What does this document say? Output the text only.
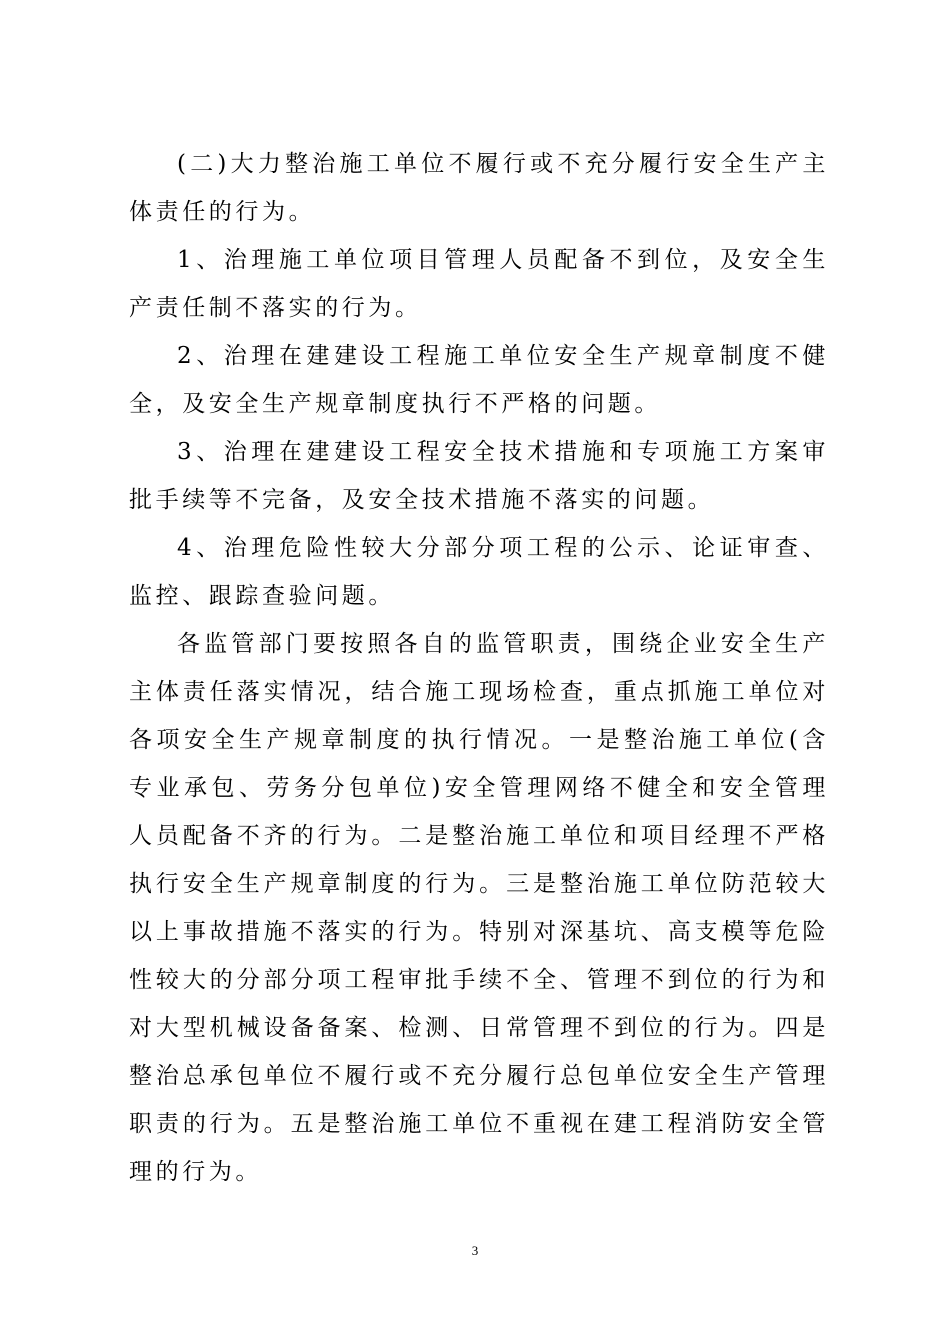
(二)大力整治施工单位不履行或不充分履行安全生产主体责任的行为。

1、治理施工单位项目管理人员配备不到位，及安全生产责任制不落实的行为。

2、治理在建建设工程施工单位安全生产规章制度不健全，及安全生产规章制度执行不严格的问题。

3、治理在建建设工程安全技术措施和专项施工方案审批手续等不完备，及安全技术措施不落实的问题。

4、治理危险性较大分部分项工程的公示、论证审查、监控、跟踪查验问题。

各监管部门要按照各自的监管职责，围绕企业安全生产主体责任落实情况，结合施工现场检查，重点抓施工单位对各项安全生产规章制度的执行情况。一是整治施工单位(含专业承包、劳务分包单位)安全管理网络不健全和安全管理人员配备不齐的行为。二是整治施工单位和项目经理不严格执行安全生产规章制度的行为。三是整治施工单位防范较大以上事故措施不落实的行为。特别对深基坑、高支模等危险性较大的分部分项工程审批手续不全、管理不到位的行为和对大型机械设备备案、检测、日常管理不到位的行为。四是整治总承包单位不履行或不充分履行总包单位安全生产管理职责的行为。五是整治施工单位不重视在建工程消防安全管理的行为。

3
